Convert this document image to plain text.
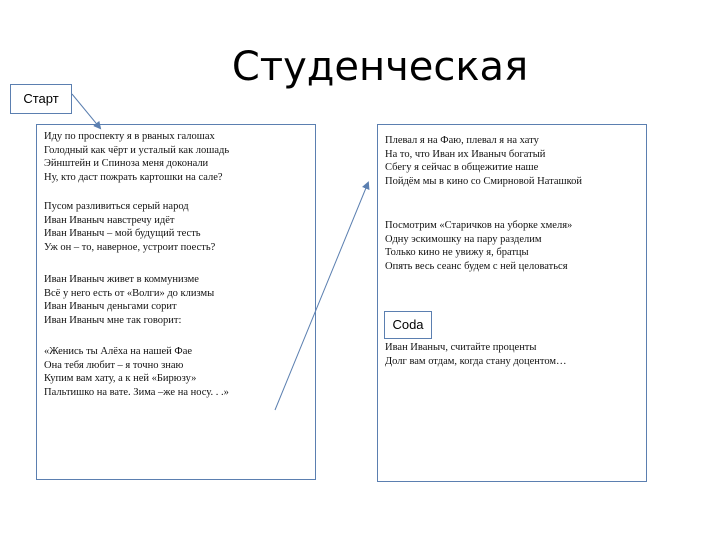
Студенческая
Старт
Иду по проспекту я в рваных галошах
Голодный как чёрт и усталый как лошадь
Эйнштейн и Спиноза меня доконали
Ну, кто даст пожрать картошки на сале?
Пусом разливиться серый народ
Иван Иваныч навстречу идёт
Иван Иваныч – мой будущий тесть
Уж он – то, наверное, устроит поесть?
Иван Иваныч живет в коммунизме
Всё у него есть от «Волги» до клизмы
Иван Иваныч деньгами сорит
Иван Иваныч мне так говорит:
«Женись ты Алёха на нашей Фае
Она тебя любит – я точно знаю
Купим вам хату, а к ней «Бирюзу»
Пальтишко на вате. Зима –же на носу. . .»
Плевал я на Фаю, плевал я на хату
На то, что Иван их Иваныч богатый
Сбегу я сейчас в общежитие наше
Пойдём мы в кино со Смирновой Наташкой
Посмотрим «Старичков на уборке хмеля»
Одну эскимошку на пару разделим
Только кино не увижу я, братцы
Опять весь сеанс будем с ней целоваться
Coda
Иван Иваныч, считайте проценты
Долг вам отдам, когда стану доцентом…
